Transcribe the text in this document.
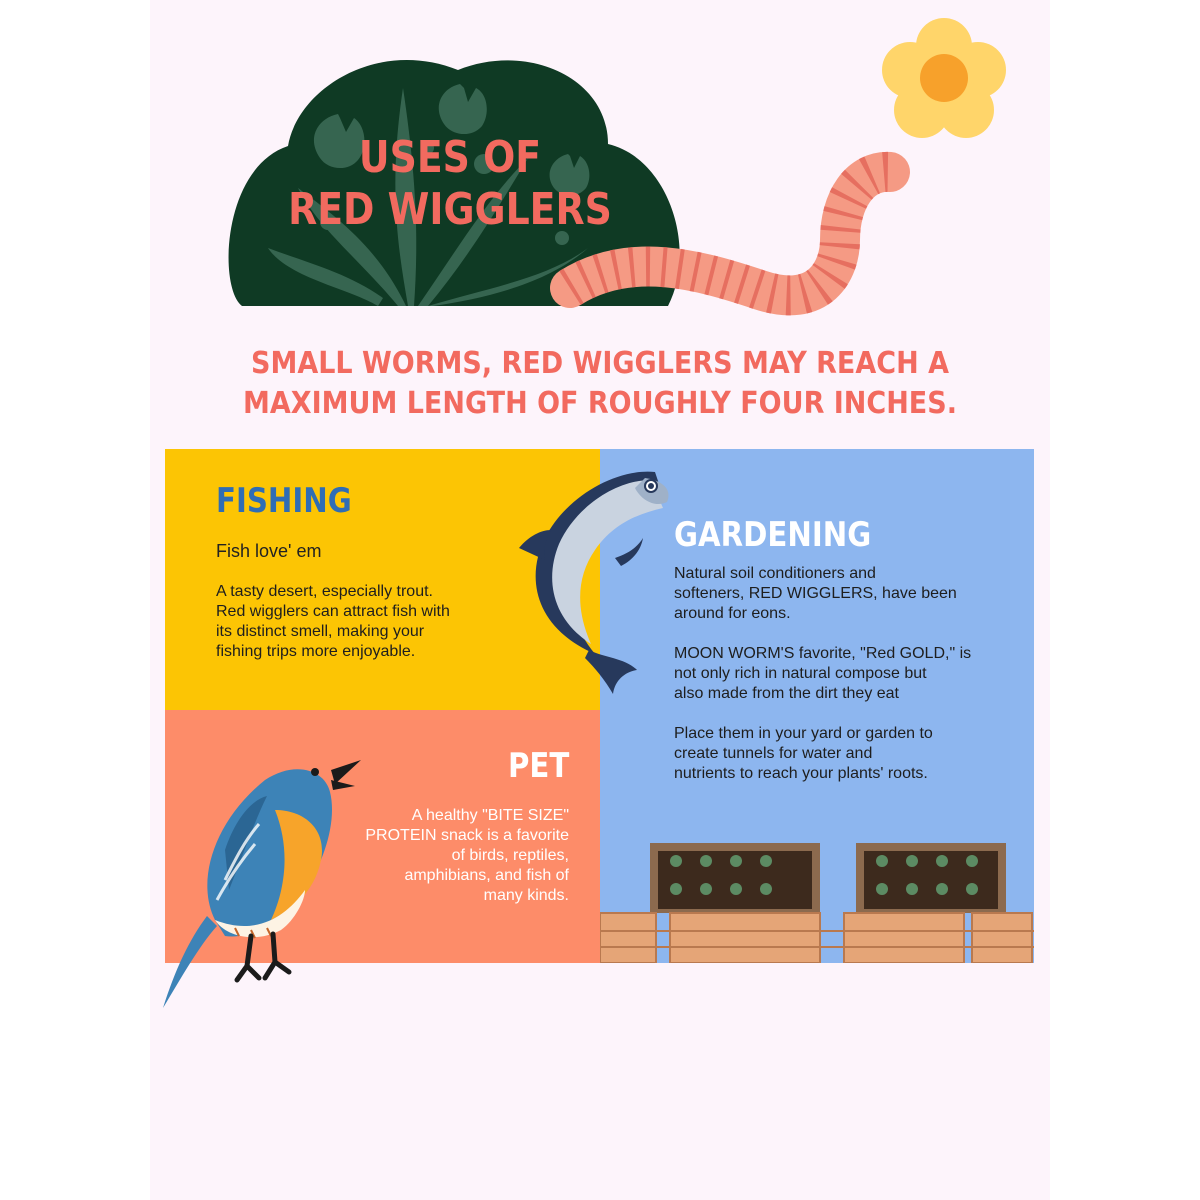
USES OF
RED WIGGLERS
SMALL WORMS, RED WIGGLERS MAY REACH A
MAXIMUM LENGTH OF ROUGHLY FOUR INCHES.
FISHING
Fish love' em
A tasty desert, especially trout.
Red wigglers can attract fish with
its distinct smell, making your
fishing trips more enjoyable.
GARDENING
Natural soil conditioners and
softeners, RED WIGGLERS, have been
around for eons.
MOON WORM'S favorite, "Red GOLD," is
not only rich in natural compose but
also made from the dirt they eat
Place them in your yard or garden to
create tunnels for water and
nutrients to reach your plants' roots.
PET
A healthy "BITE SIZE"
PROTEIN snack is a favorite
of birds, reptiles,
amphibians, and fish of
many kinds.
